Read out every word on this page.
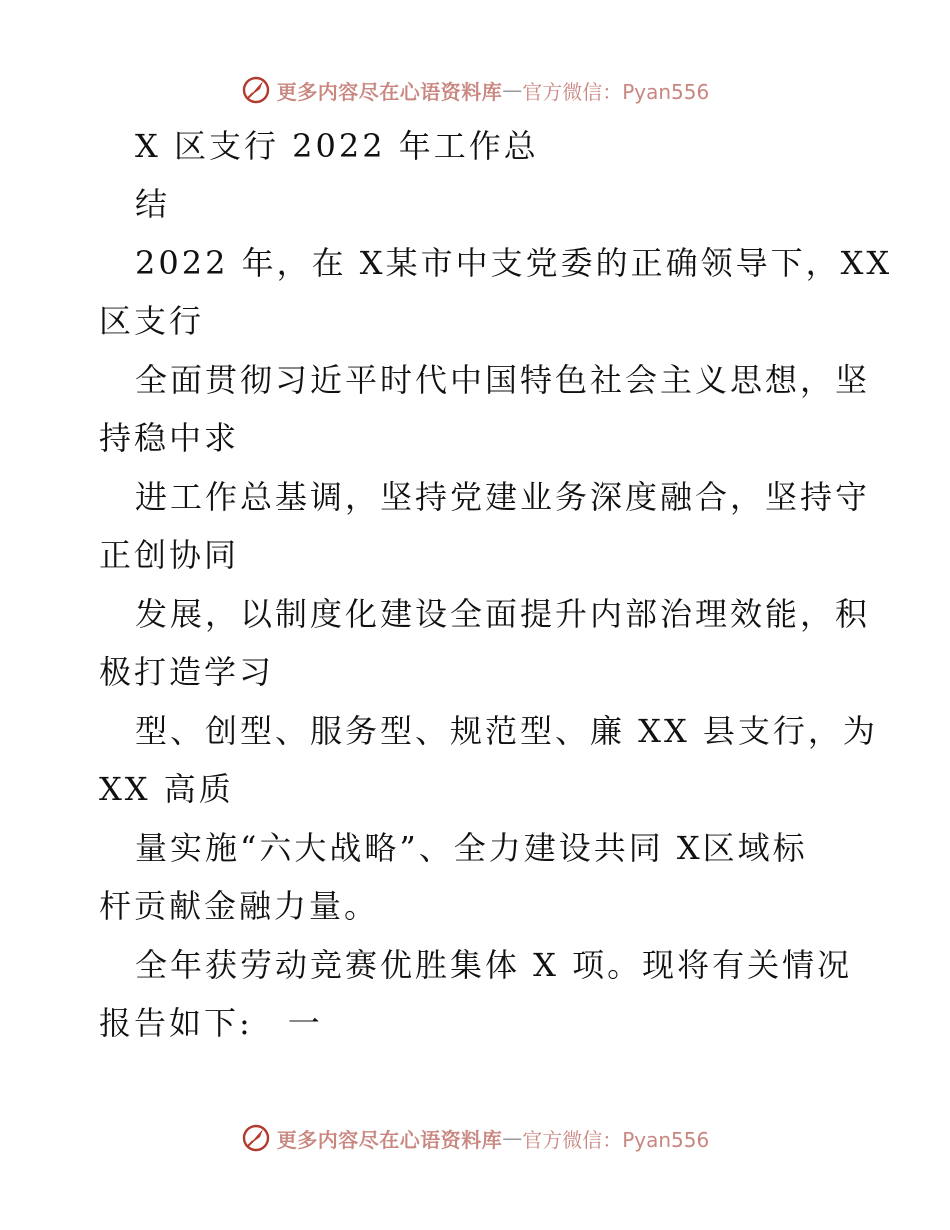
更多内容尽在心语资料库 — 官方微信：Pyan556
X 区支行 2022 年工作总
结
2022 年，在 X某市中支党委的正确领导下，XX
区支行
全面贯彻习近平时代中国特色社会主义思想，坚
持稳中求
进工作总基调，坚持党建业务深度融合，坚持守
正创协同
发展，以制度化建设全面提升内部治理效能，积
极打造学习
型、创型、服务型、规范型、廉 XX 县支行，为
XX 高质
量实施“六大战略”、全力建设共同 X区域标
杆贡献金融力量。
全年获劳动竞赛优胜集体 X 项。现将有关情况
报告如下:　一
更多内容尽在心语资料库 — 官方微信：Pyan556
